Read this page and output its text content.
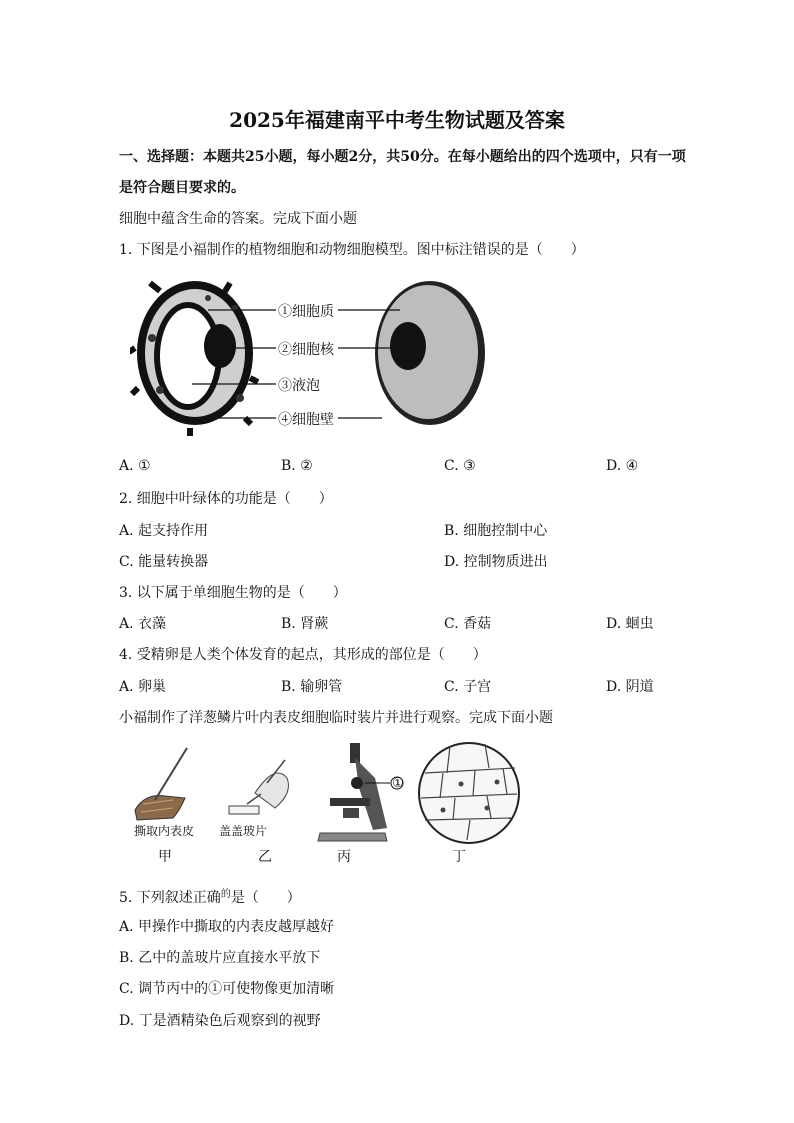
2025年福建南平中考生物试题及答案
一、选择题：本题共25小题，每小题2分，共50分。在每小题给出的四个选项中，只有一项
是符合题目要求的。
细胞中蕴含生命的答案。完成下面小题
1. 下图是小福制作的植物细胞和动物细胞模型。图中标注错误的是（　　）
①细胞质
②细胞核
③液泡
④细胞壁
A. ①	B. ②	C. ③	D. ④
2. 细胞中叶绿体的功能是（　　）
A. 起支持作用	B. 细胞控制中心
C. 能量转换器	D. 控制物质进出
3. 以下属于单细胞生物的是（　　）
A. 衣藻	B. 肾蕨	C. 香菇	D. 蛔虫
4. 受精卵是人类个体发育的起点，其形成的部位是（　　）
A. 卵巢	B. 输卵管	C. 子宫	D. 阴道
小福制作了洋葱鳞片叶内表皮细胞临时装片并进行观察。完成下面小题
①
撕取内表皮 盖盖玻片
甲	乙	丙	丁
5. 下列叙述正确$^的$是（　　）
A. 甲操作中撕取的内表皮越厚越好
B. 乙中的盖玻片应直接水平放下
C. 调节丙中的①可使物像更加清晰
D. 丁是酒精染色后观察到的视野
